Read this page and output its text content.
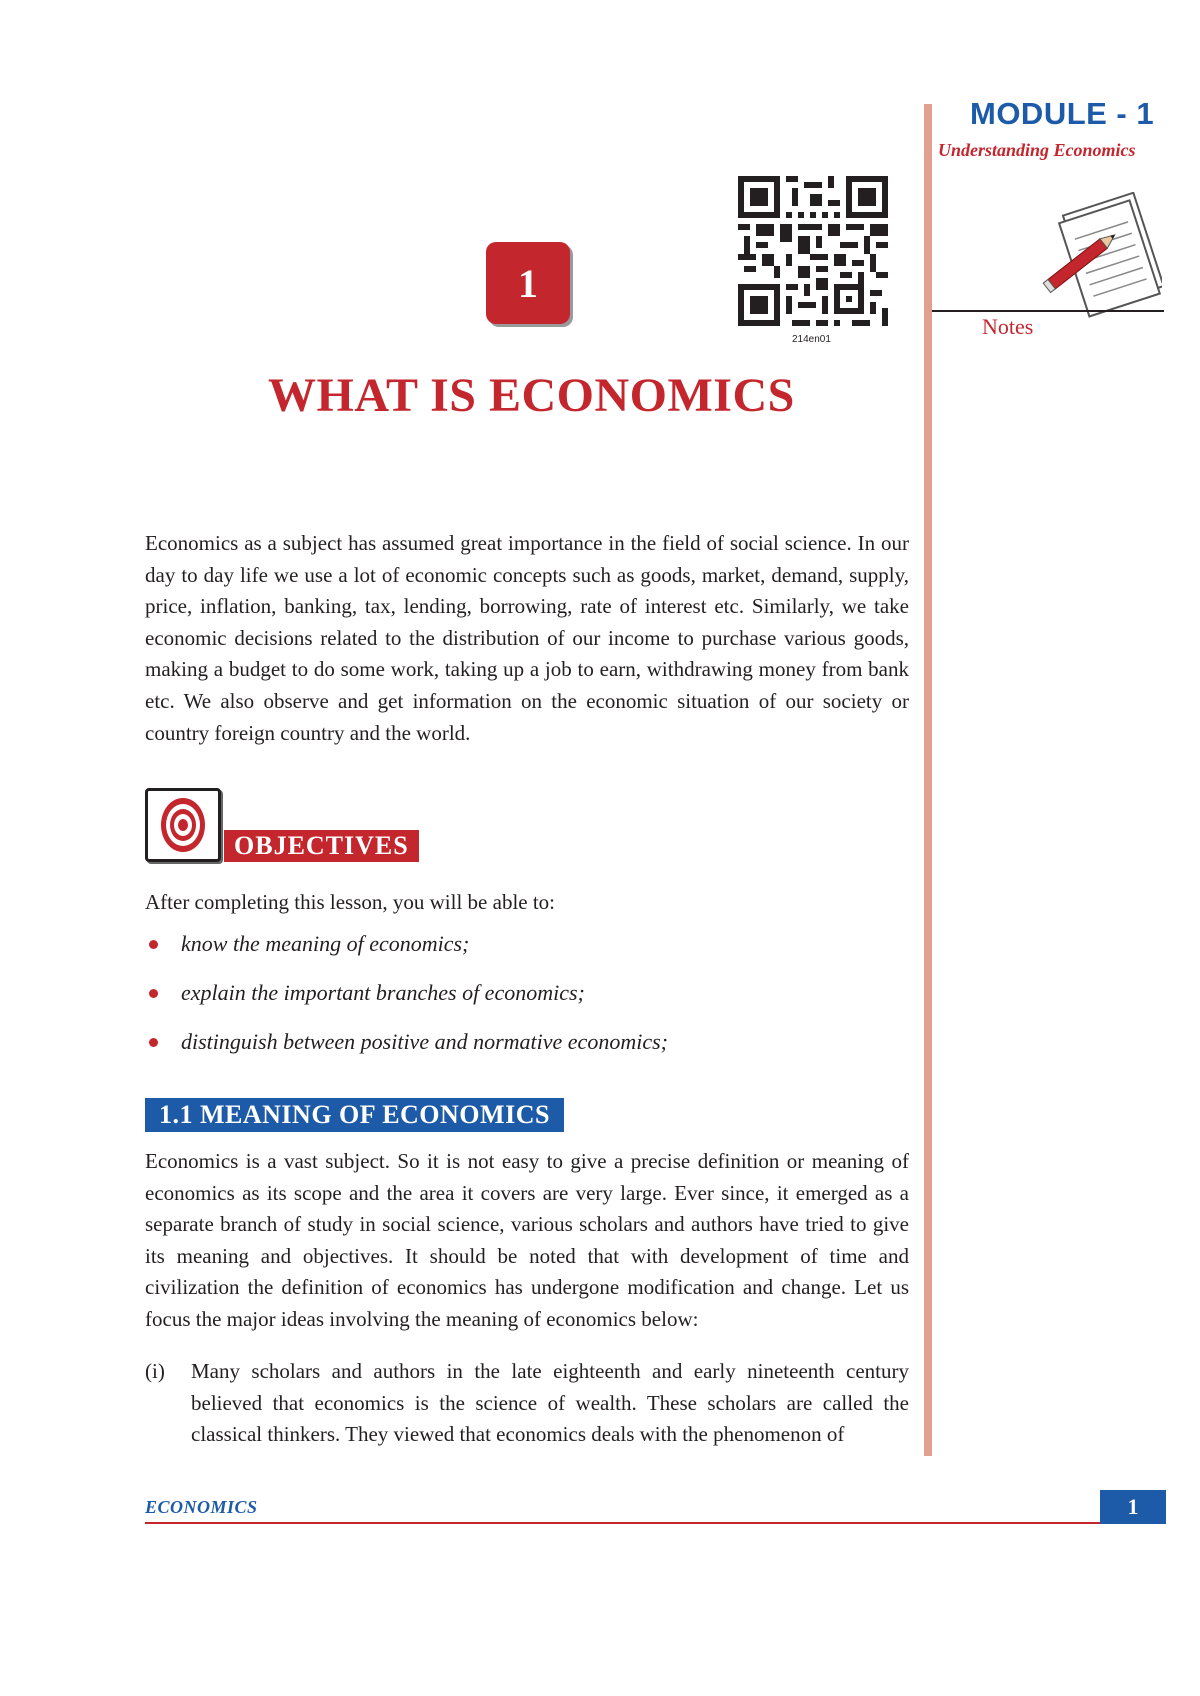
MODULE - 1
Understanding Economics
Notes
1
214en01
WHAT IS ECONOMICS
Economics as a subject has assumed great importance in the field of social science. In our day to day life we use a lot of economic concepts such as goods, market, demand, supply, price, inflation, banking, tax, lending, borrowing, rate of interest etc. Similarly, we take economic decisions related to the distribution of our income to purchase various goods, making a budget to do some work, taking up a job to earn, withdrawing money from bank etc. We also observe and get information on the economic situation of our society or country foreign country and the world.
OBJECTIVES
After completing this lesson, you will be able to:
know the meaning of economics;
explain the important branches of economics;
distinguish between positive and normative economics;
1.1 MEANING OF ECONOMICS
Economics is a vast subject. So it is not easy to give a precise definition or meaning of economics as its scope and the area it covers are very large. Ever since, it emerged as a separate branch of study in social science, various scholars and authors have tried to give its meaning and objectives. It should be noted that with development of time and civilization the definition of economics has undergone modification and change. Let us focus the major ideas involving the meaning of economics below:
(i) Many scholars and authors in the late eighteenth and early nineteenth century believed that economics is the science of wealth. These scholars are called the classical thinkers. They viewed that economics deals with the phenomenon of
ECONOMICS	1
